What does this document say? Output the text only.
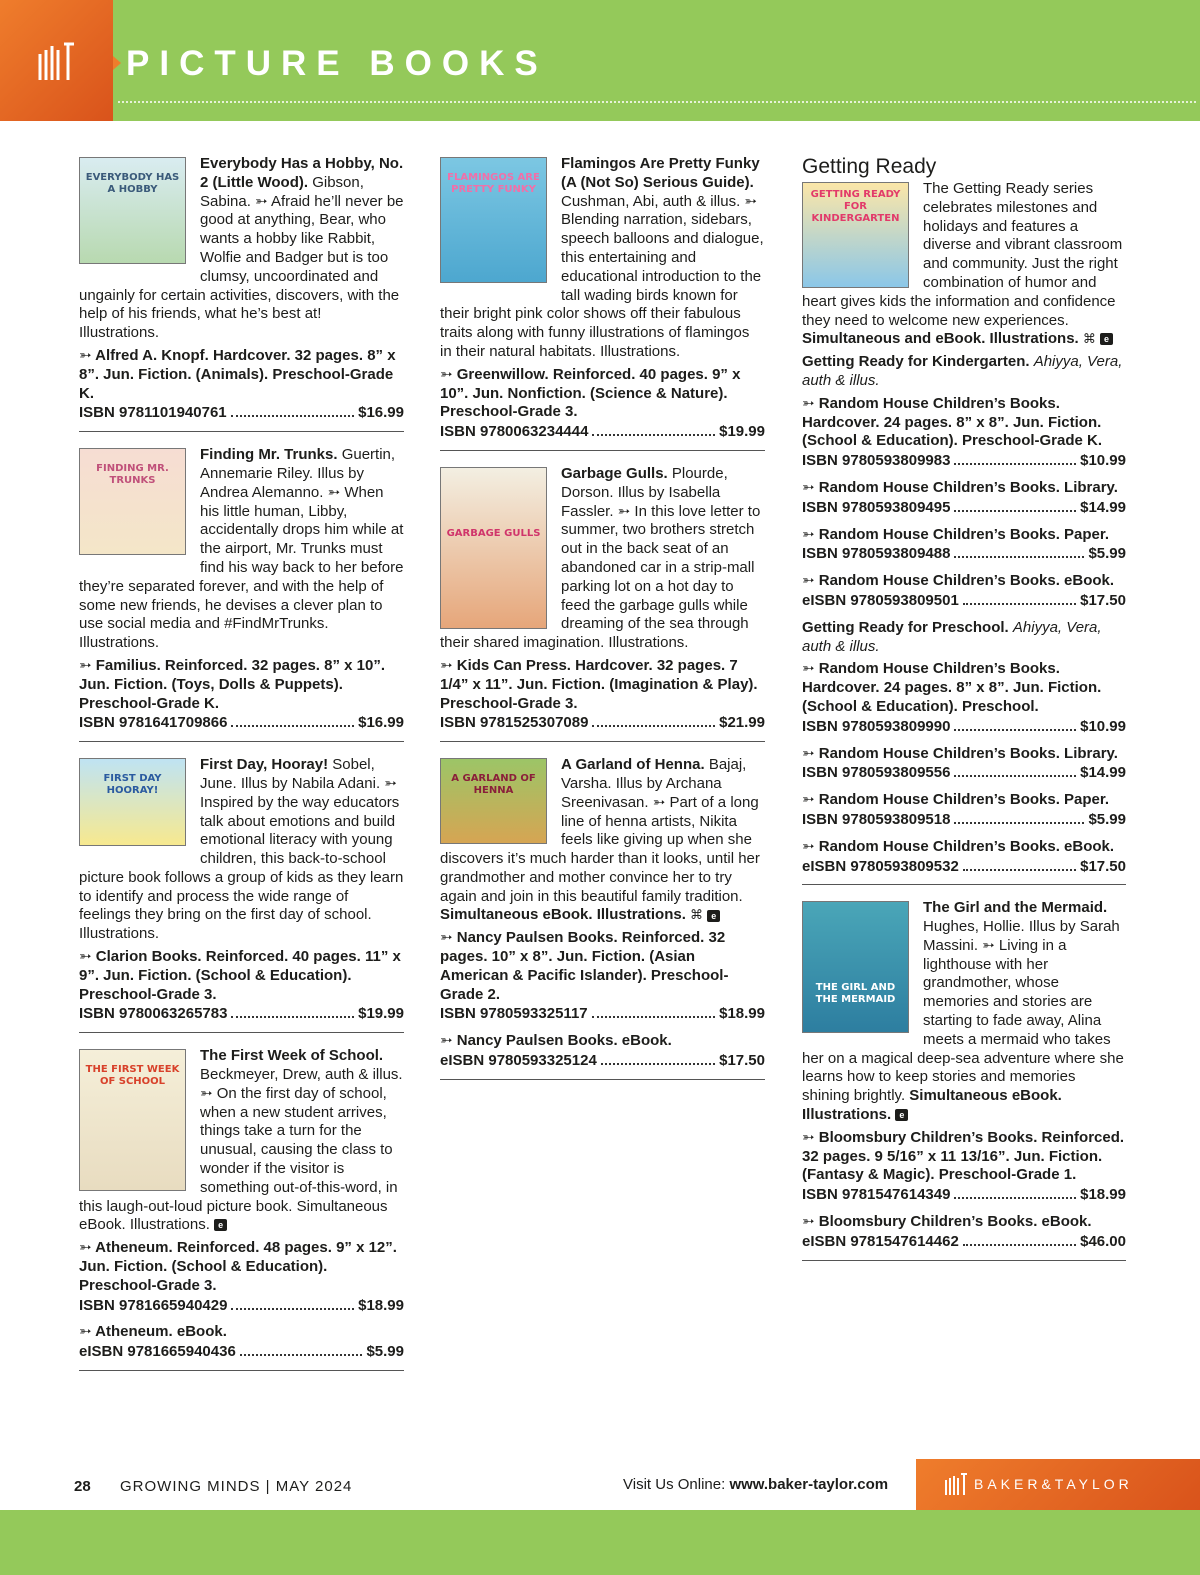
PICTURE BOOKS
EVERYBODY HAS A HOBBY

Everybody Has a Hobby, No. 2 (Little Wood). Gibson, Sabina. ➳ Afraid he’ll never be good at anything, Bear, who wants a hobby like Rabbit, Wolfie and Badger but is too clumsy, uncoordinated and ungainly for certain activities, discovers, with the help of his friends, what he’s best at! Illustrations.

➳ Alfred A. Knopf. Hardcover. 32 pages. 8” x 8”. Jun. Fiction. (Animals). Preschool-Grade K.

ISBN 9781101940761	$16.99
FINDING MR. TRUNKS

Finding Mr. Trunks. Guertin, Annemarie Riley. Illus by Andrea Alemanno. ➳ When his little human, Libby, accidentally drops him while at the airport, Mr. Trunks must find his way back to her before they’re separated forever, and with the help of some new friends, he devises a clever plan to use social media and #FindMrTrunks. Illustrations.

➳ Familius. Reinforced. 32 pages. 8” x 10”. Jun. Fiction. (Toys, Dolls & Puppets). Preschool-Grade K.

ISBN 9781641709866	$16.99
FIRST DAY HOORAY!

First Day, Hooray! Sobel, June. Illus by Nabila Adani. ➳ Inspired by the way educators talk about emotions and build emotional literacy with young children, this back-to-school picture book follows a group of kids as they learn to identify and process the wide range of feelings they bring on the first day of school. Illustrations.

➳ Clarion Books. Reinforced. 40 pages. 11” x 9”. Jun. Fiction. (School & Education). Preschool-Grade 3.

ISBN 9780063265783	$19.99
THE FIRST WEEK OF SCHOOL

The First Week of School. Beckmeyer, Drew, auth & illus. ➳ On the first day of school, when a new student arrives, things take a turn for the unusual, causing the class to wonder if the visitor is something out-of-this-word, in this laugh-out-loud picture book. Simultaneous eBook. Illustrations. e

➳ Atheneum. Reinforced. 48 pages. 9” x 12”. Jun. Fiction. (School & Education). Preschool-Grade 3.

ISBN 9781665940429	$18.99

➳ Atheneum. eBook.

eISBN 9781665940436	$5.99
FLAMINGOS ARE PRETTY FUNKY

Flamingos Are Pretty Funky (A (Not So) Serious Guide). Cushman, Abi, auth & illus. ➳ Blending narration, sidebars, speech balloons and dialogue, this entertaining and educational introduction to the tall wading birds known for their bright pink color shows off their fabulous traits along with funny illustrations of flamingos in their natural habitats. Illustrations.

➳ Greenwillow. Reinforced. 40 pages. 9” x 10”. Jun. Nonfiction. (Science & Nature). Preschool-Grade 3.

ISBN 9780063234444	$19.99
GARBAGE GULLS

Garbage Gulls. Plourde, Dorson. Illus by Isabella Fassler. ➳ In this love letter to summer, two brothers stretch out in the back seat of an abandoned car in a strip-mall parking lot on a hot day to feed the garbage gulls while dreaming of the sea through their shared imagination. Illustrations.

➳ Kids Can Press. Hardcover. 32 pages. 7 1/4” x 11”. Jun. Fiction. (Imagination & Play). Preschool-Grade 3.

ISBN 9781525307089	$21.99
A GARLAND OF HENNA

A Garland of Henna. Bajaj, Varsha. Illus by Archana Sreenivasan. ➳ Part of a long line of henna artists, Nikita feels like giving up when she discovers it’s much harder than it looks, until her grandmother and mother convince her to try again and join in this beautiful family tradition. Simultaneous eBook. Illustrations. ⌘ e

➳ Nancy Paulsen Books. Reinforced. 32 pages. 10” x 8”. Jun. Fiction. (Asian American & Pacific Islander). Preschool-Grade 2.

ISBN 9780593325117	$18.99

➳ Nancy Paulsen Books. eBook.

eISBN 9780593325124	$17.50
Getting Ready
GETTING READY FOR KINDERGARTEN

The Getting Ready series celebrates milestones and holidays and features a diverse and vibrant classroom and community. Just the right combination of humor and heart gives kids the information and confidence they need to welcome new experiences. Simultaneous and eBook. Illustrations. ⌘ e

Getting Ready for Kindergarten. Ahiyya, Vera, auth & illus.

➳ Random House Children’s Books. Hardcover. 24 pages. 8” x 8”. Jun. Fiction. (School & Education). Preschool-Grade K.

ISBN 9780593809983	$10.99

➳ Random House Children’s Books. Library.

ISBN 9780593809495	$14.99

➳ Random House Children’s Books. Paper.

ISBN 9780593809488	$5.99

➳ Random House Children’s Books. eBook.

eISBN 9780593809501	$17.50

Getting Ready for Preschool. Ahiyya, Vera, auth & illus.

➳ Random House Children’s Books. Hardcover. 24 pages. 8” x 8”. Jun. Fiction. (School & Education). Preschool.

ISBN 9780593809990	$10.99

➳ Random House Children’s Books. Library.

ISBN 9780593809556	$14.99

➳ Random House Children’s Books. Paper.

ISBN 9780593809518	$5.99

➳ Random House Children’s Books. eBook.

eISBN 9780593809532	$17.50
THE GIRL AND THE MERMAID

The Girl and the Mermaid. Hughes, Hollie. Illus by Sarah Massini. ➳ Living in a lighthouse with her grandmother, whose memories and stories are starting to fade away, Alina meets a mermaid who takes her on a magical deep-sea adventure where she learns how to keep stories and memories shining brightly. Simultaneous eBook. Illustrations. e

➳ Bloomsbury Children’s Books. Reinforced. 32 pages. 9 5/16” x 11 13/16”. Jun. Fiction. (Fantasy & Magic). Preschool-Grade 1.

ISBN 9781547614349	$18.99

➳ Bloomsbury Children’s Books. eBook.

eISBN 9781547614462	$46.00
28 GROWING MINDS | MAY 2024	Visit Us Online: www.baker-taylor.com	BAKER&TAYLOR
